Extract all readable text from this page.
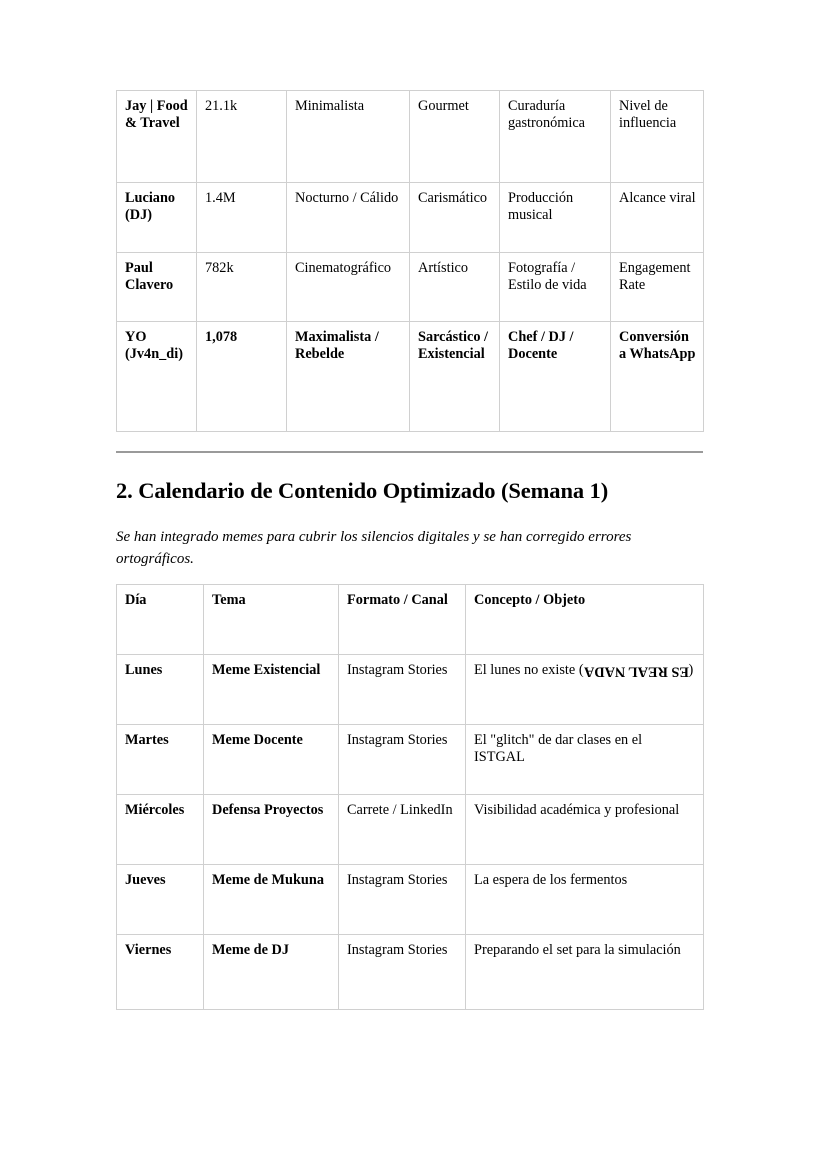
Jay | Food & Travel	21.1k	Minimalista	Gourmet	Curaduría gastronómica	Nivel de influencia
Luciano (DJ)	1.4M	Nocturno / Cálido	Carismático	Producción musical	Alcance viral
Paul Clavero	782k	Cinematográfico	Artístico	Fotografía / Estilo de vida	Engagement Rate
YO (Jv4n_di)	1,078	Maximalista / Rebelde	Sarcástico / Existencial	Chef / DJ / Docente	Conversión a WhatsApp
2. Calendario de Contenido Optimizado (Semana 1)

Se han integrado memes para cubrir los silencios digitales y se han corregido errores ortográficos.

Día	Tema	Formato / Canal	Concepto / Objeto
Lunes	Meme Existencial	Instagram Stories	El lunes no existe (ES REAL NADA)
Martes	Meme Docente	Instagram Stories	El "glitch" de dar clases en el ISTGAL
Miércoles	Defensa Proyectos	Carrete / LinkedIn	Visibilidad académica y profesional
Jueves	Meme de Mukuna	Instagram Stories	La espera de los fermentos
Viernes	Meme de DJ	Instagram Stories	Preparando el set para la simulación
